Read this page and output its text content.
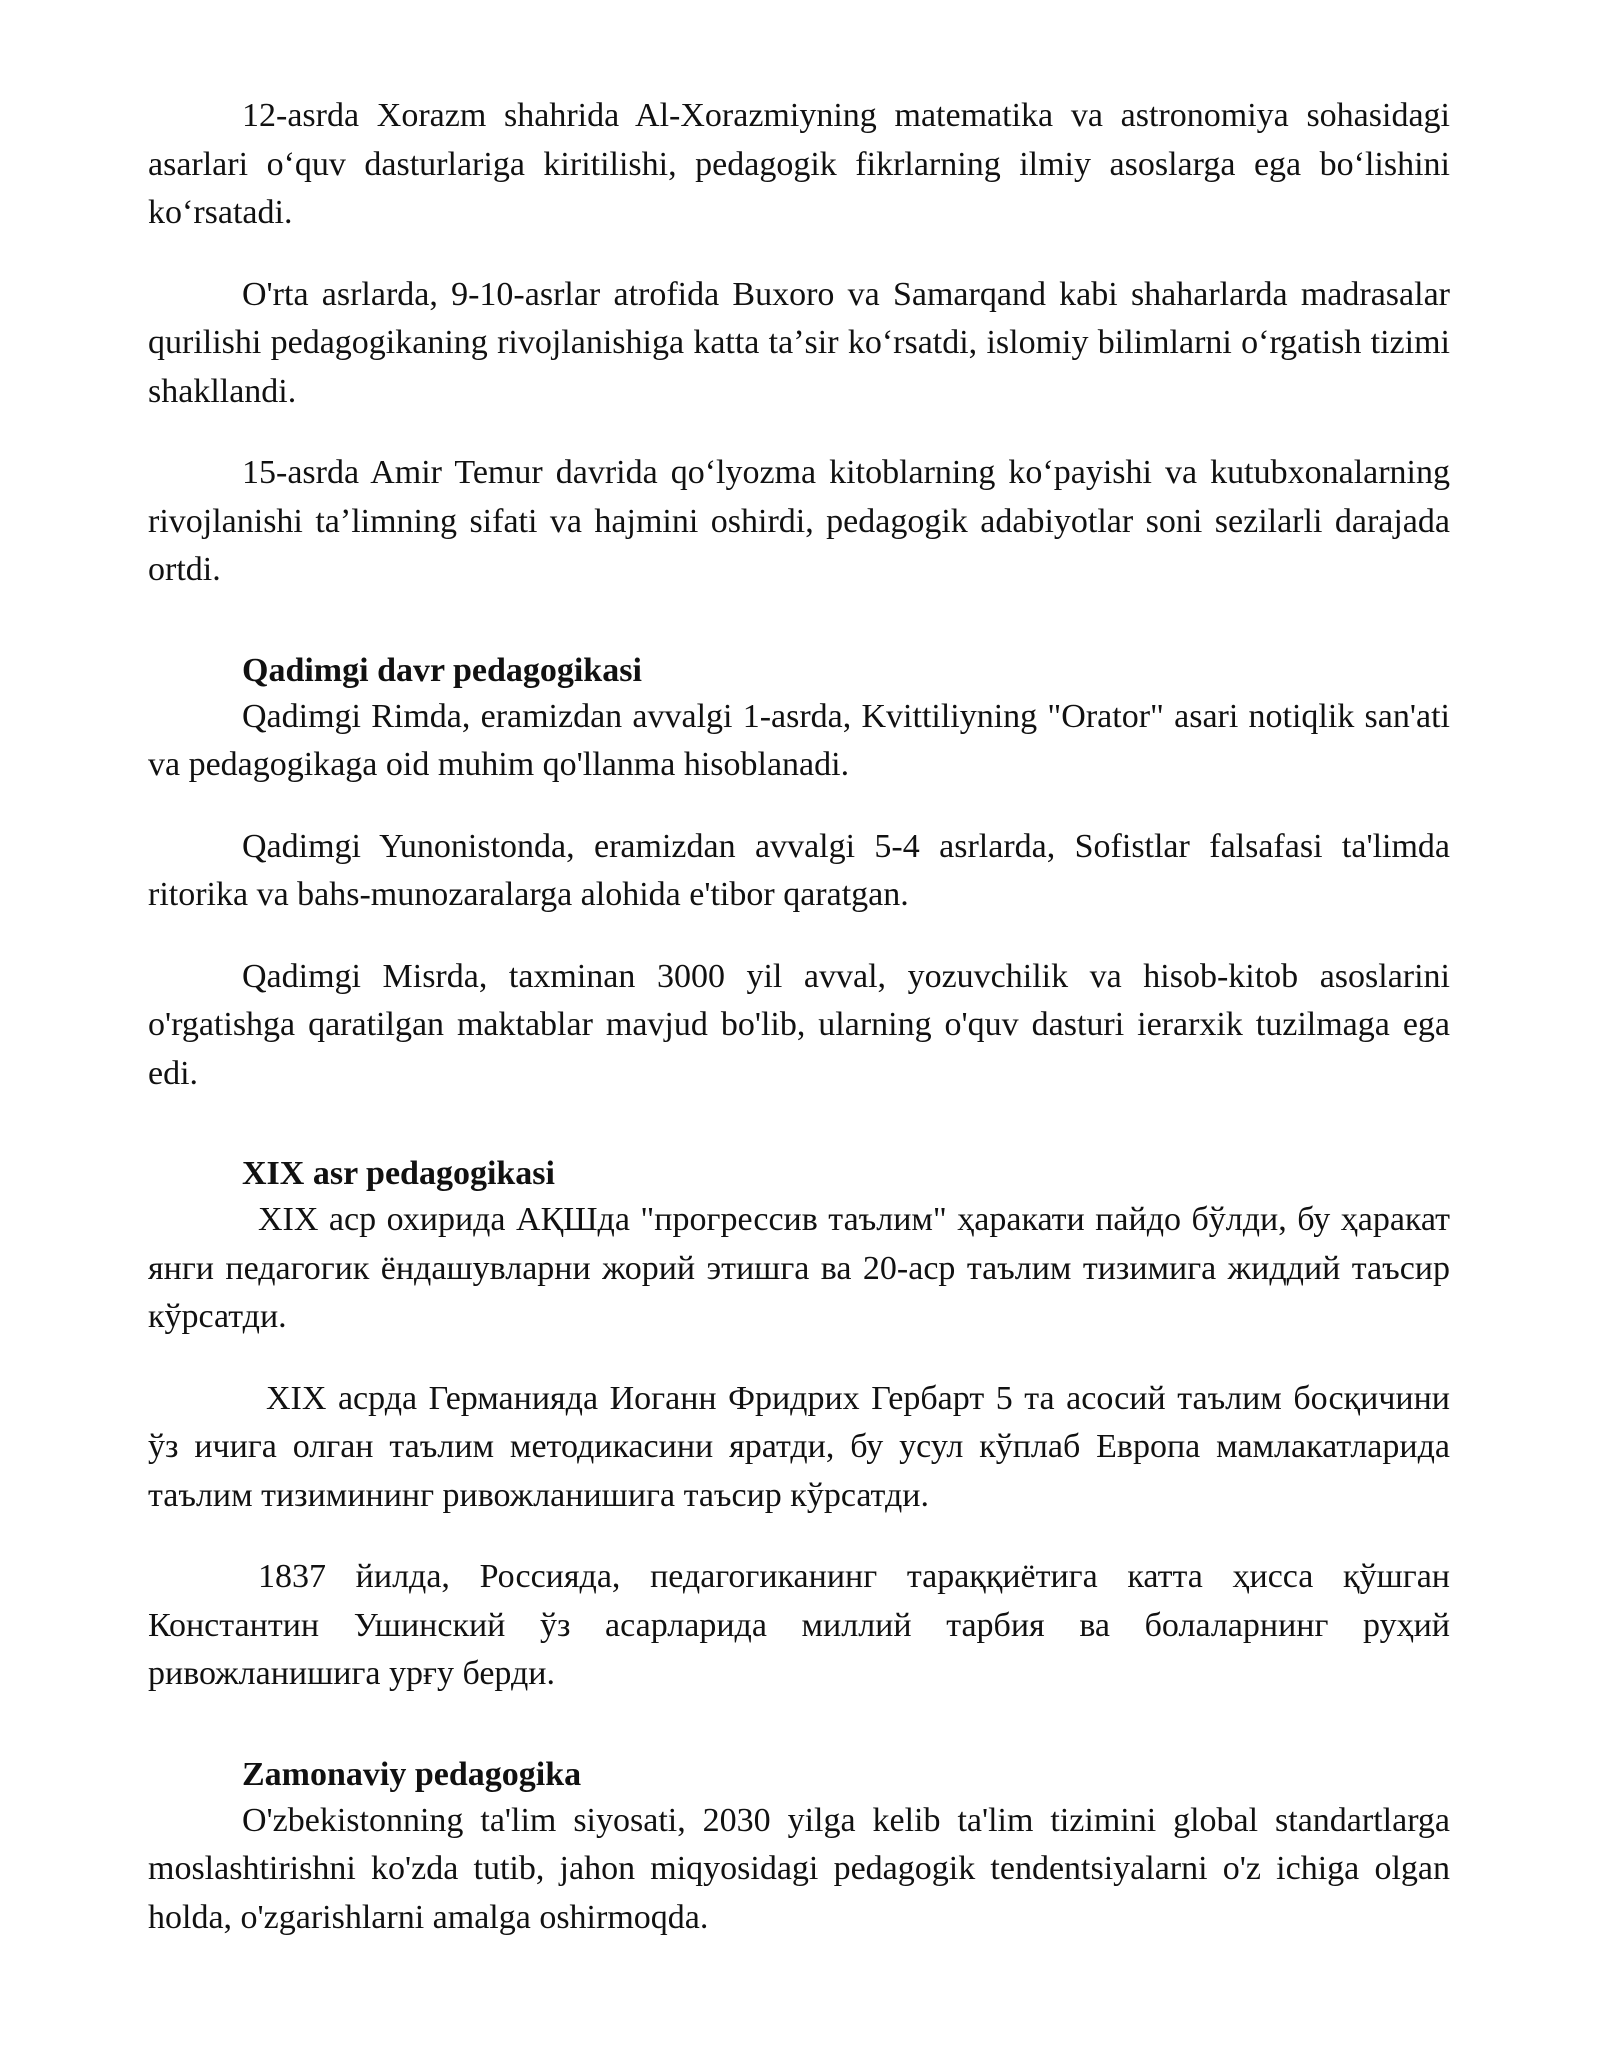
12-asrda Xorazm shahrida Al-Xorazmiyning matematika va astronomiya sohasidagi asarlari oʻquv dasturlariga kiritilishi, pedagogik fikrlarning ilmiy asoslarga ega boʻlishini koʻrsatadi.

O'rta asrlarda, 9-10-asrlar atrofida Buxoro va Samarqand kabi shaharlarda madrasalar qurilishi pedagogikaning rivojlanishiga katta taʼsir koʻrsatdi, islomiy bilimlarni oʻrgatish tizimi shakllandi.

15-asrda Amir Temur davrida qoʻlyozma kitoblarning koʻpayishi va kutubxonalarning rivojlanishi taʼlimning sifati va hajmini oshirdi, pedagogik adabiyotlar soni sezilarli darajada ortdi.

Qadimgi davr pedagogikasi

Qadimgi Rimda, eramizdan avvalgi 1-asrda, Kvittiliyning "Orator" asari notiqlik san'ati va pedagogikaga oid muhim qo'llanma hisoblanadi.

Qadimgi Yunonistonda, eramizdan avvalgi 5-4 asrlarda, Sofistlar falsafasi ta'limda ritorika va bahs-munozaralarga alohida e'tibor qaratgan.

Qadimgi Misrda, taxminan 3000 yil avval, yozuvchilik va hisob-kitob asoslarini o'rgatishga qaratilgan maktablar mavjud bo'lib, ularning o'quv dasturi ierarxik tuzilmaga ega edi.

XIX asr pedagogikasi

XIX аср охирида АҚШда "прогрессив таълим" ҳаракати пайдо бўлди, бу ҳаракат янги педагогик ёндашувларни жорий этишга ва 20-аср таълим тизимига жиддий таъсир кўрсатди.

XIX асрда Германияда Иоганн Фридрих Гербарт 5 та асосий таълим босқичини ўз ичига олган таълим методикасини яратди, бу усул кўплаб Европа мамлакатларида таълим тизимининг ривожланишига таъсир кўрсатди.

1837 йилда, Россияда, педагогиканинг тараққиётига катта ҳисса қўшган Константин Ушинский ўз асарларида миллий тарбия ва болаларнинг руҳий ривожланишига урғу берди.

Zamonaviy pedagogika

O'zbekistonning ta'lim siyosati, 2030 yilga kelib ta'lim tizimini global standartlarga moslashtirishni ko'zda tutib, jahon miqyosidagi pedagogik tendentsiyalarni o'z ichiga olgan holda, o'zgarishlarni amalga oshirmoqda.
